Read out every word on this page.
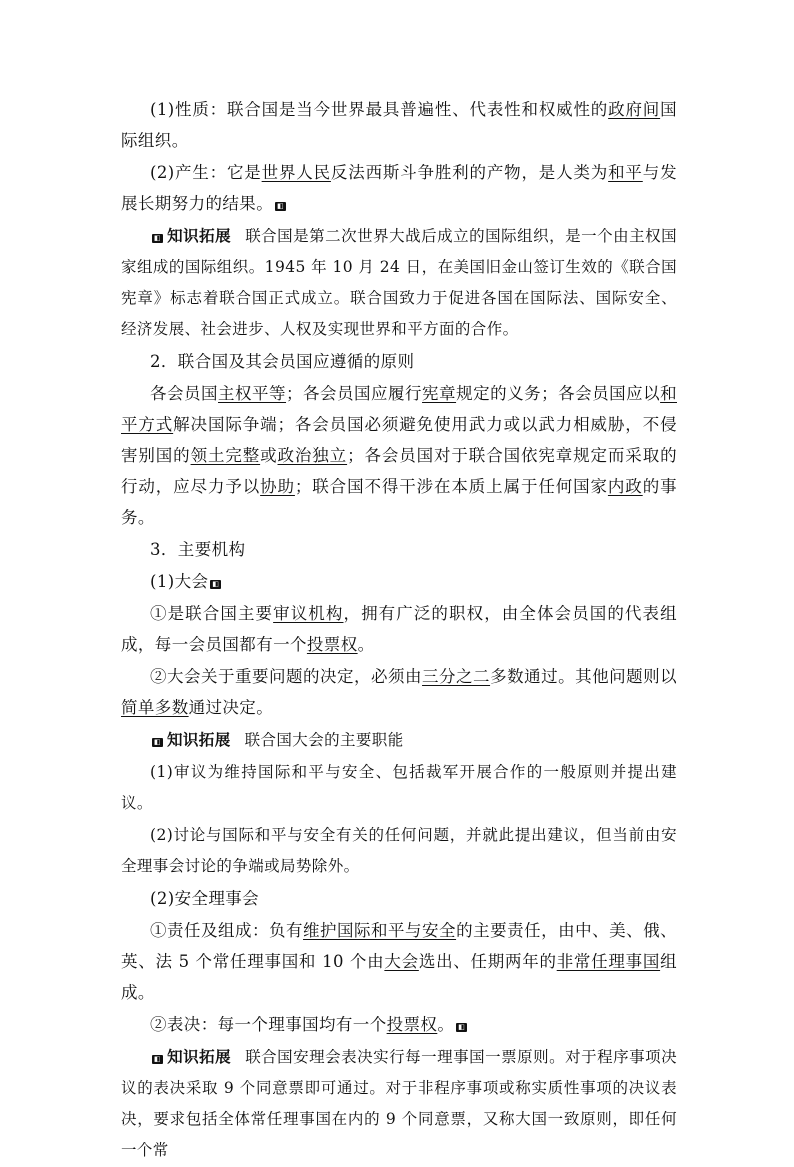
(1)性质：联合国是当今世界最具普遍性、代表性和权威性的政府间国际组织。

(2)产生：它是世界人民反法西斯斗争胜利的产物，是人类为和平与发展长期努力的结果。◧

◧知识拓展 联合国是第二次世界大战后成立的国际组织，是一个由主权国家组成的国际组织。1945 年 10 月 24 日，在美国旧金山签订生效的《联合国宪章》标志着联合国正式成立。联合国致力于促进各国在国际法、国际安全、经济发展、社会进步、人权及实现世界和平方面的合作。

2．联合国及其会员国应遵循的原则

各会员国主权平等；各会员国应履行宪章规定的义务；各会员国应以和平方式解决国际争端；各会员国必须避免使用武力或以武力相威胁，不侵害别国的领土完整或政治独立；各会员国对于联合国依宪章规定而采取的行动，应尽力予以协助；联合国不得干涉在本质上属于任何国家内政的事务。

3．主要机构

(1)大会◧

①是联合国主要审议机构，拥有广泛的职权，由全体会员国的代表组成，每一会员国都有一个投票权。

②大会关于重要问题的决定，必须由三分之二多数通过。其他问题则以简单多数通过决定。

◧知识拓展 联合国大会的主要职能

(1)审议为维持国际和平与安全、包括裁军开展合作的一般原则并提出建议。

(2)讨论与国际和平与安全有关的任何问题，并就此提出建议，但当前由安全理事会讨论的争端或局势除外。

(2)安全理事会

①责任及组成：负有维护国际和平与安全的主要责任，由中、美、俄、英、法 5 个常任理事国和 10 个由大会选出、任期两年的非常任理事国组成。

②表决：每一个理事国均有一个投票权。◧

◧知识拓展 联合国安理会表决实行每一理事国一票原则。对于程序事项决议的表决采取 9 个同意票即可通过。对于非程序事项或称实质性事项的决议表决，要求包括全体常任理事国在内的 9 个同意票，又称大国一致原则，即任何一个常
